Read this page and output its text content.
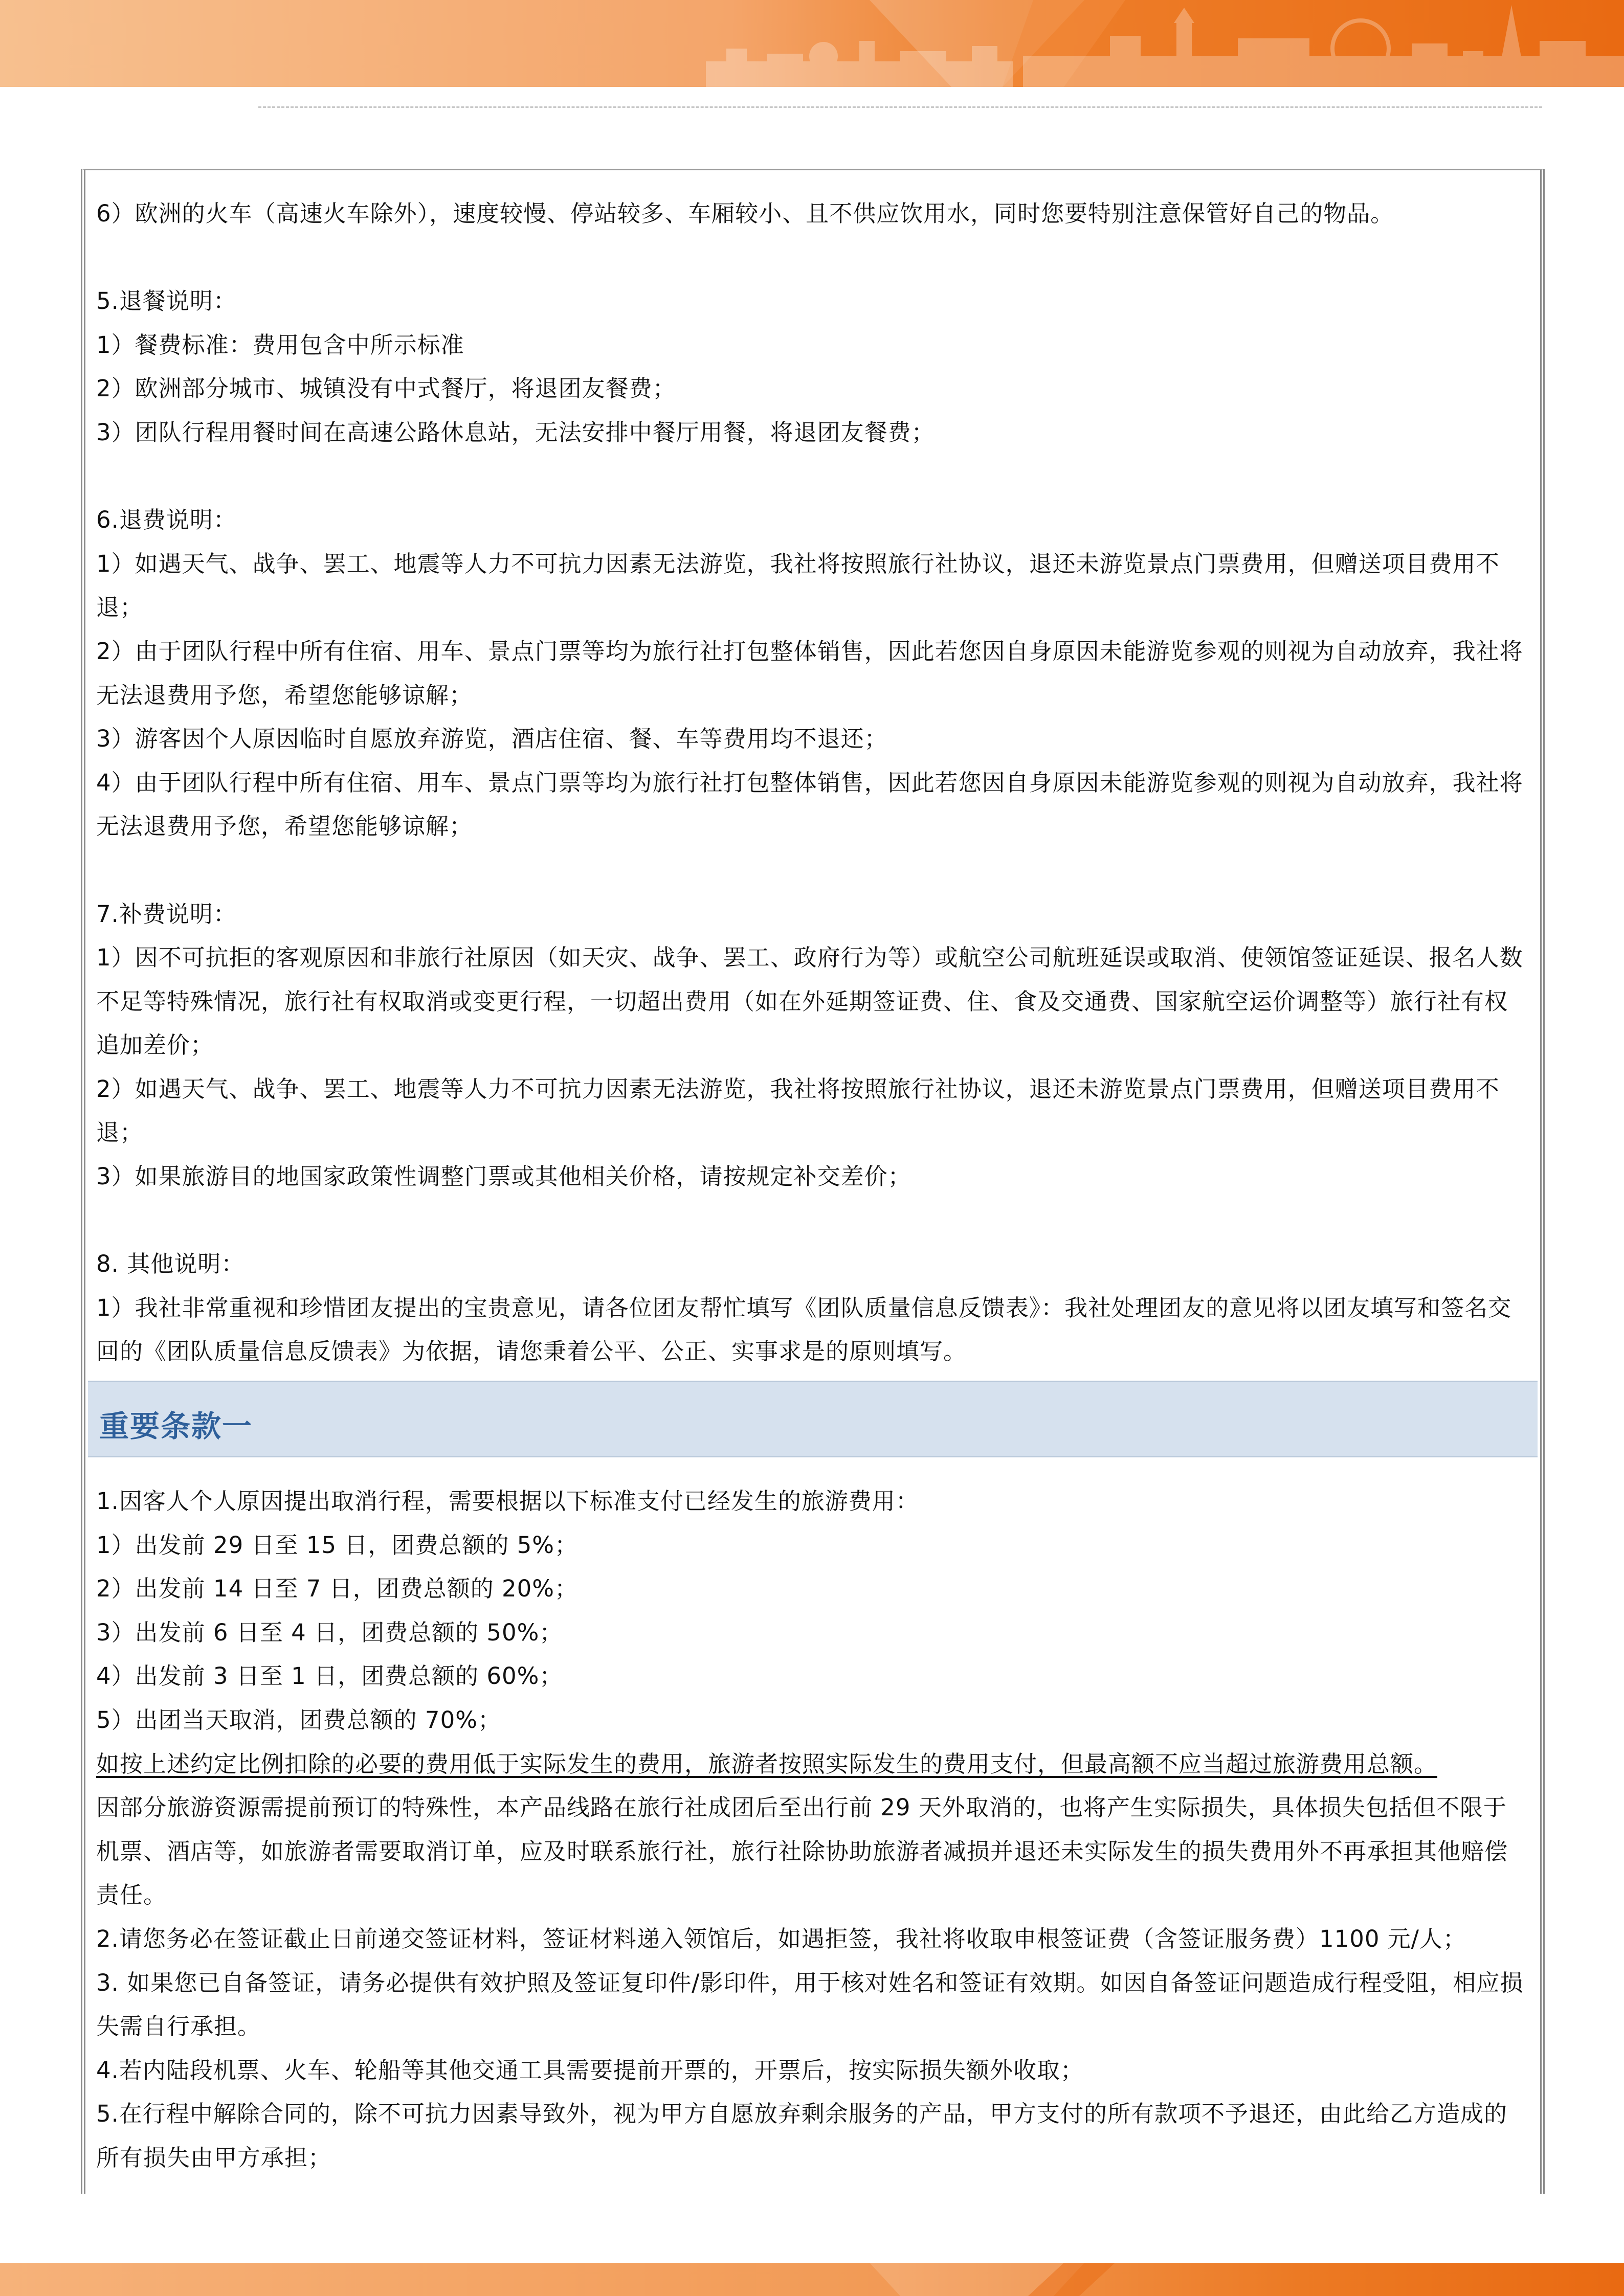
6）欧洲的火车（高速火车除外），速度较慢、停站较多、车厢较小、且不供应饮用水，同时您要特别注意保管好自己的物品。

5.退餐说明：

1）餐费标准：费用包含中所示标准

2）欧洲部分城市、城镇没有中式餐厅，将退团友餐费；

3）团队行程用餐时间在高速公路休息站，无法安排中餐厅用餐，将退团友餐费；

6.退费说明：

1）如遇天气、战争、罢工、地震等人力不可抗力因素无法游览，我社将按照旅行社协议，退还未游览景点门票费用，但赠送项目费用不退；

2）由于团队行程中所有住宿、用车、景点门票等均为旅行社打包整体销售，因此若您因自身原因未能游览参观的则视为自动放弃，我社将无法退费用予您，希望您能够谅解；

3）游客因个人原因临时自愿放弃游览，酒店住宿、餐、车等费用均不退还；

4）由于团队行程中所有住宿、用车、景点门票等均为旅行社打包整体销售，因此若您因自身原因未能游览参观的则视为自动放弃，我社将无法退费用予您，希望您能够谅解；

7.补费说明：

1）因不可抗拒的客观原因和非旅行社原因（如天灾、战争、罢工、政府行为等）或航空公司航班延误或取消、使领馆签证延误、报名人数不足等特殊情况，旅行社有权取消或变更行程，一切超出费用（如在外延期签证费、住、食及交通费、国家航空运价调整等）旅行社有权追加差价；

2）如遇天气、战争、罢工、地震等人力不可抗力因素无法游览，我社将按照旅行社协议，退还未游览景点门票费用，但赠送项目费用不退；

3）如果旅游目的地国家政策性调整门票或其他相关价格，请按规定补交差价；

8. 其他说明：

1）我社非常重视和珍惜团友提出的宝贵意见，请各位团友帮忙填写《团队质量信息反馈表》：我社处理团友的意见将以团友填写和签名交回的《团队质量信息反馈表》为依据，请您秉着公平、公正、实事求是的原则填写。

重要条款一

1.因客人个人原因提出取消行程，需要根据以下标准支付已经发生的旅游费用：

1）出发前 29 日至 15 日，团费总额的 5%；

2）出发前 14 日至 7 日，团费总额的 20%；

3）出发前 6 日至 4 日，团费总额的 50%；

4）出发前 3 日至 1 日，团费总额的 60%；

5）出团当天取消，团费总额的 70%；

如按上述约定比例扣除的必要的费用低于实际发生的费用，旅游者按照实际发生的费用支付，但最高额不应当超过旅游费用总额。

因部分旅游资源需提前预订的特殊性，本产品线路在旅行社成团后至出行前 29 天外取消的，也将产生实际损失，具体损失包括但不限于机票、酒店等，如旅游者需要取消订单，应及时联系旅行社，旅行社除协助旅游者减损并退还未实际发生的损失费用外不再承担其他赔偿责任。

2.请您务必在签证截止日前递交签证材料，签证材料递入领馆后，如遇拒签，我社将收取申根签证费（含签证服务费）1100 元/人；

3. 如果您已自备签证，请务必提供有效护照及签证复印件/影印件，用于核对姓名和签证有效期。如因自备签证问题造成行程受阻，相应损失需自行承担。

4.若内陆段机票、火车、轮船等其他交通工具需要提前开票的，开票后，按实际损失额外收取；

5.在行程中解除合同的，除不可抗力因素导致外，视为甲方自愿放弃剩余服务的产品，甲方支付的所有款项不予退还，由此给乙方造成的所有损失由甲方承担；
